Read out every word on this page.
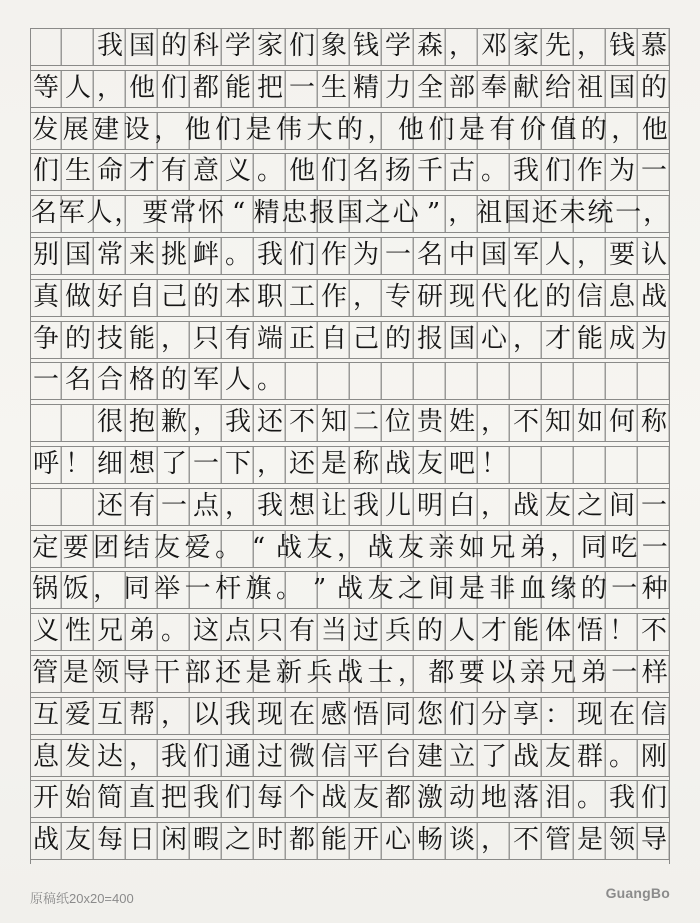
我 国 的 科 学 家 们 象 钱 学 森 ， 邓 家 先 ， 钱 慕
等 人 ， 他 们 都 能 把 一 生 精 力 全 部 奉 献 给 祖 国 的
发 展 建 设 ， 他 们 是 伟 大 的 ， 他 们 是 有 价 值 的 ， 他
们 生 命 才 有 意 义 。 他 们 名 扬 千 古 。 我 们 作 为 一
名 军 人 ， 要 常 怀 “ 精 忠 报 国 之 心 ” ， 祖 国 还 未 统 一 ，
别 国 常 来 挑 衅 。 我 们 作 为 一 名 中 国 军 人 ， 要 认
真 做 好 自 己 的 本 职 工 作 ， 专 研 现 代 化 的 信 息 战
争 的 技 能 ， 只 有 端 正 自 己 的 报 国 心 ， 才 能 成 为
一 名 合 格 的 军 人 。

很 抱 歉 ， 我 还 不 知 二 位 贵 姓 ， 不 知 如 何 称
呼 ！ 细 想 了 一 下 ， 还 是 称 战 友 吧 ！

还 有 一 点 ， 我 想 让 我 儿 明 白 ， 战 友 之 间 一
定 要 团 结 友 爱 。 “ 战 友 ， 战 友 亲 如 兄 弟 ， 同 吃 一
锅 饭 ， 同 举 一 杆 旗 。 ” 战 友 之 间 是 非 血 缘 的 一 种
义 性 兄 弟 。 这 点 只 有 当 过 兵 的 人 才 能 体 悟 ！ 不
管 是 领 导 干 部 还 是 新 兵 战 士 ， 都 要 以 亲 兄 弟 一 样
互 爱 互 帮 ， 以 我 现 在 感 悟 同 您 们 分 享 ： 现 在 信
息 发 达 ， 我 们 通 过 微 信 平 台 建 立 了 战 友 群 。 刚
开 始 简 直 把 我 们 每 个 战 友 都 激 动 地 落 泪 。 我 们
战 友 每 日 闲 暇 之 时 都 能 开 心 畅 谈 ， 不 管 是 领 导
原稿纸20x20=400	GuangBo
